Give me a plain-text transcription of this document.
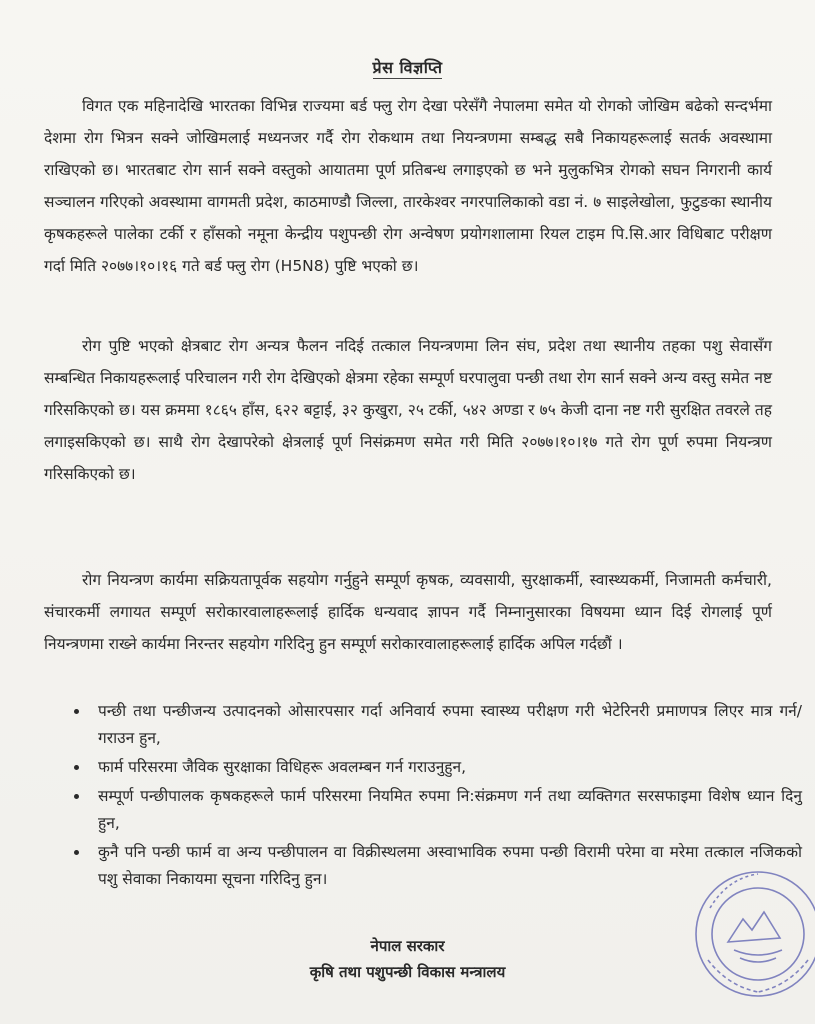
प्रेस विज्ञप्ति

विगत एक महिनादेखि भारतका विभिन्न राज्यमा बर्ड फ्लु रोग देखा परेसँगै नेपालमा समेत यो रोगको जोखिम बढेको सन्दर्भमा देशमा रोग भित्रन सक्ने जोखिमलाई मध्यनजर गर्दै रोग रोकथाम तथा नियन्त्रणमा सम्बद्ध सबै निकायहरूलाई सतर्क अवस्थामा राखिएको छ। भारतबाट रोग सार्न सक्ने वस्तुको आयातमा पूर्ण प्रतिबन्ध लगाइएको छ भने मुलुकभित्र रोगको सघन निगरानी कार्य सञ्चालन गरिएको अवस्थामा वागमती प्रदेश, काठमाण्डौ जिल्ला, तारकेश्वर नगरपालिकाको वडा नं. ७ साइलेखोला, फुटुङका स्थानीय कृषकहरूले पालेका टर्की र हाँसको नमूना केन्द्रीय पशुपन्छी रोग अन्वेषण प्रयोगशालामा रियल टाइम पि.सि.आर विधिबाट परीक्षण गर्दा मिति २०७७।१०।१६ गते बर्ड फ्लु रोग (H5N8) पुष्टि भएको छ।

रोग पुष्टि भएको क्षेत्रबाट रोग अन्यत्र फैलन नदिई तत्काल नियन्त्रणमा लिन संघ, प्रदेश तथा स्थानीय तहका पशु सेवासँग सम्बन्धित निकायहरूलाई परिचालन गरी रोग देखिएको क्षेत्रमा रहेका सम्पूर्ण घरपालुवा पन्छी तथा रोग सार्न सक्ने अन्य वस्तु समेत नष्ट गरिसकिएको छ। यस क्रममा १८६५ हाँस, ६२२ बट्टाई, ३२ कुखुरा, २५ टर्की, ५४२ अण्डा र ७५ केजी दाना नष्ट गरी सुरक्षित तवरले तह लगाइसकिएको छ। साथै रोग देखापरेको क्षेत्रलाई पूर्ण निसंक्रमण समेत गरी मिति २०७७।१०।१७ गते रोग पूर्ण रुपमा नियन्त्रण गरिसकिएको छ।

रोग नियन्त्रण कार्यमा सक्रियतापूर्वक सहयोग गर्नुहुने सम्पूर्ण कृषक, व्यवसायी, सुरक्षाकर्मी, स्वास्थ्यकर्मी, निजामती कर्मचारी, संचारकर्मी लगायत सम्पूर्ण सरोकारवालाहरूलाई हार्दिक धन्यवाद ज्ञापन गर्दै निम्नानुसारका विषयमा ध्यान दिई रोगलाई पूर्ण नियन्त्रणमा राख्ने कार्यमा निरन्तर सहयोग गरिदिनु हुन सम्पूर्ण सरोकारवालाहरूलाई हार्दिक अपिल गर्दछौं ।

• पन्छी तथा पन्छीजन्य उत्पादनको ओसारपसार गर्दा अनिवार्य रुपमा स्वास्थ्य परीक्षण गरी भेटेरिनरी प्रमाणपत्र लिएर मात्र गर्न/गराउन हुन,
• फार्म परिसरमा जैविक सुरक्षाका विधिहरू अवलम्बन गर्न गराउनुहुन,
• सम्पूर्ण पन्छीपालक कृषकहरूले फार्म परिसरमा नियमित रुपमा नि:संक्रमण गर्न तथा व्यक्तिगत सरसफाइमा विशेष ध्यान दिनु हुन,
• कुनै पनि पन्छी फार्म वा अन्य पन्छीपालन वा विक्रीस्थलमा अस्वाभाविक रुपमा पन्छी विरामी परेमा वा मरेमा तत्काल नजिकको पशु सेवाका निकायमा सूचना गरिदिनु हुन।
नेपाल सरकार
कृषि तथा पशुपन्छी विकास मन्त्रालय
